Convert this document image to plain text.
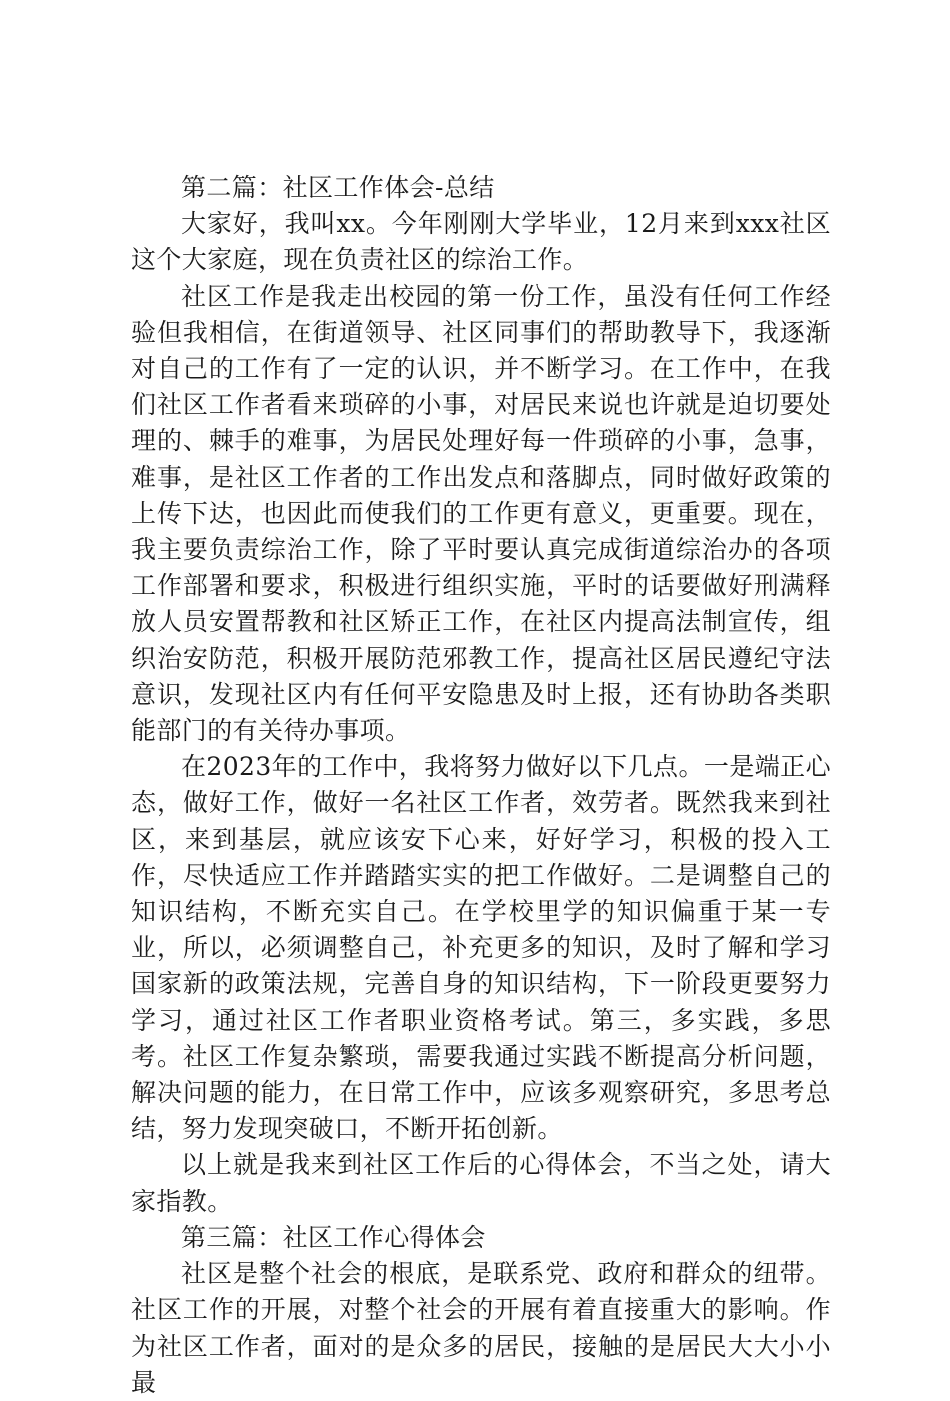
第二篇：社区工作体会-总结

大家好，我叫xx。今年刚刚大学毕业，12月来到xxx社区这个大家庭，现在负责社区的综治工作。

社区工作是我走出校园的第一份工作，虽没有任何工作经验但我相信，在街道领导、社区同事们的帮助教导下，我逐渐对自己的工作有了一定的认识，并不断学习。在工作中，在我们社区工作者看来琐碎的小事，对居民来说也许就是迫切要处理的、棘手的难事，为居民处理好每一件琐碎的小事，急事，难事，是社区工作者的工作出发点和落脚点，同时做好政策的上传下达，也因此而使我们的工作更有意义，更重要。现在，我主要负责综治工作，除了平时要认真完成街道综治办的各项工作部署和要求，积极进行组织实施，平时的话要做好刑满释放人员安置帮教和社区矫正工作，在社区内提高法制宣传，组织治安防范，积极开展防范邪教工作，提高社区居民遵纪守法意识，发现社区内有任何平安隐患及时上报，还有协助各类职能部门的有关待办事项。

在2023年的工作中，我将努力做好以下几点。一是端正心态，做好工作，做好一名社区工作者，效劳者。既然我来到社区，来到基层，就应该安下心来，好好学习，积极的投入工作，尽快适应工作并踏踏实实的把工作做好。二是调整自己的知识结构，不断充实自己。在学校里学的知识偏重于某一专业，所以，必须调整自己，补充更多的知识，及时了解和学习国家新的政策法规，完善自身的知识结构，下一阶段更要努力学习，通过社区工作者职业资格考试。第三，多实践，多思考。社区工作复杂繁琐，需要我通过实践不断提高分析问题，解决问题的能力，在日常工作中，应该多观察研究，多思考总结，努力发现突破口，不断开拓创新。

以上就是我来到社区工作后的心得体会，不当之处，请大家指教。

第三篇：社区工作心得体会

社区是整个社会的根底，是联系党、政府和群众的纽带。社区工作的开展，对整个社会的开展有着直接重大的影响。作为社区工作者，面对的是众多的居民，接触的是居民大大小小最
